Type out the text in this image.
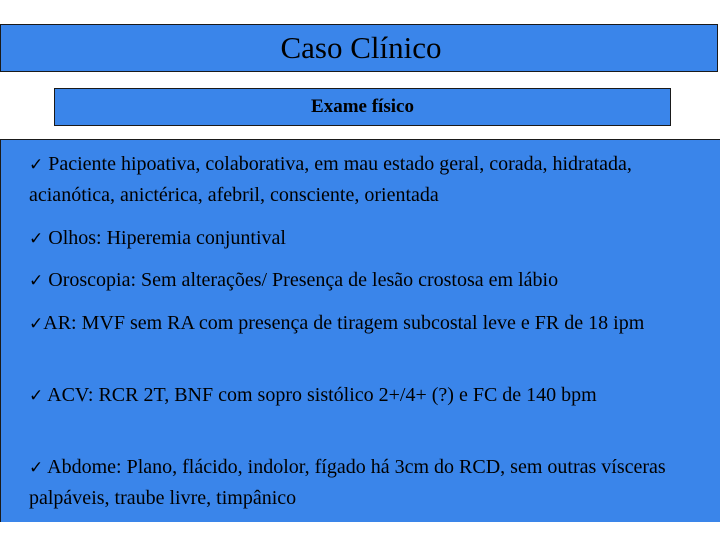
Caso Clínico
Exame físico
✓ Paciente hipoativa, colaborativa, em mau estado geral, corada, hidratada, acianótica, anictérica, afebril, consciente, orientada
✓ Olhos: Hiperemia conjuntival
✓ Oroscopia: Sem alterações/ Presença de lesão crostosa em lábio
✓AR: MVF sem RA com presença de tiragem subcostal leve e FR de 18 ipm
✓ ACV: RCR 2T, BNF com sopro sistólico 2+/4+ (?) e FC de 140 bpm
✓ Abdome: Plano, flácido, indolor, fígado há 3cm do RCD, sem outras vísceras palpáveis, traube livre, timpânico
